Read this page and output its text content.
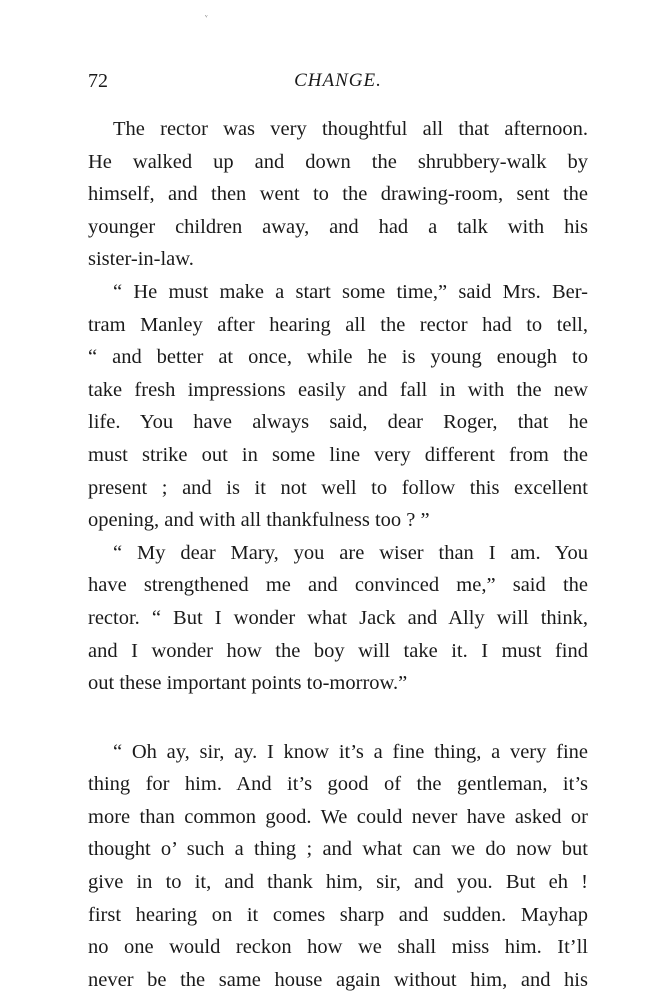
ᵛ
72	CHANGE.
The rector was very thoughtful all that afternoon.
He walked up and down the shrubbery-walk by
himself, and then went to the drawing-room, sent the
younger children away, and had a talk with his
sister-in-law.
“ He must make a start some time,” said Mrs. Ber-
tram Manley after hearing all the rector had to tell,
“ and better at once, while he is young enough to
take fresh impressions easily and fall in with the new
life. You have always said, dear Roger, that he
must strike out in some line very different from the
present ; and is it not well to follow this excellent
opening, and with all thankfulness too ? ”
“ My dear Mary, you are wiser than I am. You
have strengthened me and convinced me,” said the
rector. “ But I wonder what Jack and Ally will think,
and I wonder how the boy will take it. I must find
out these important points to-morrow.”
“ Oh ay, sir, ay. I know it’s a fine thing, a very fine
thing for him. And it’s good of the gentleman, it’s
more than common good. We could never have asked or
thought o’ such a thing ; and what can we do now but
give in to it, and thank him, sir, and you. But eh !
first hearing on it comes sharp and sudden. Mayhap
no one would reckon how we shall miss him. It’ll
never be the same house again without him, and his
